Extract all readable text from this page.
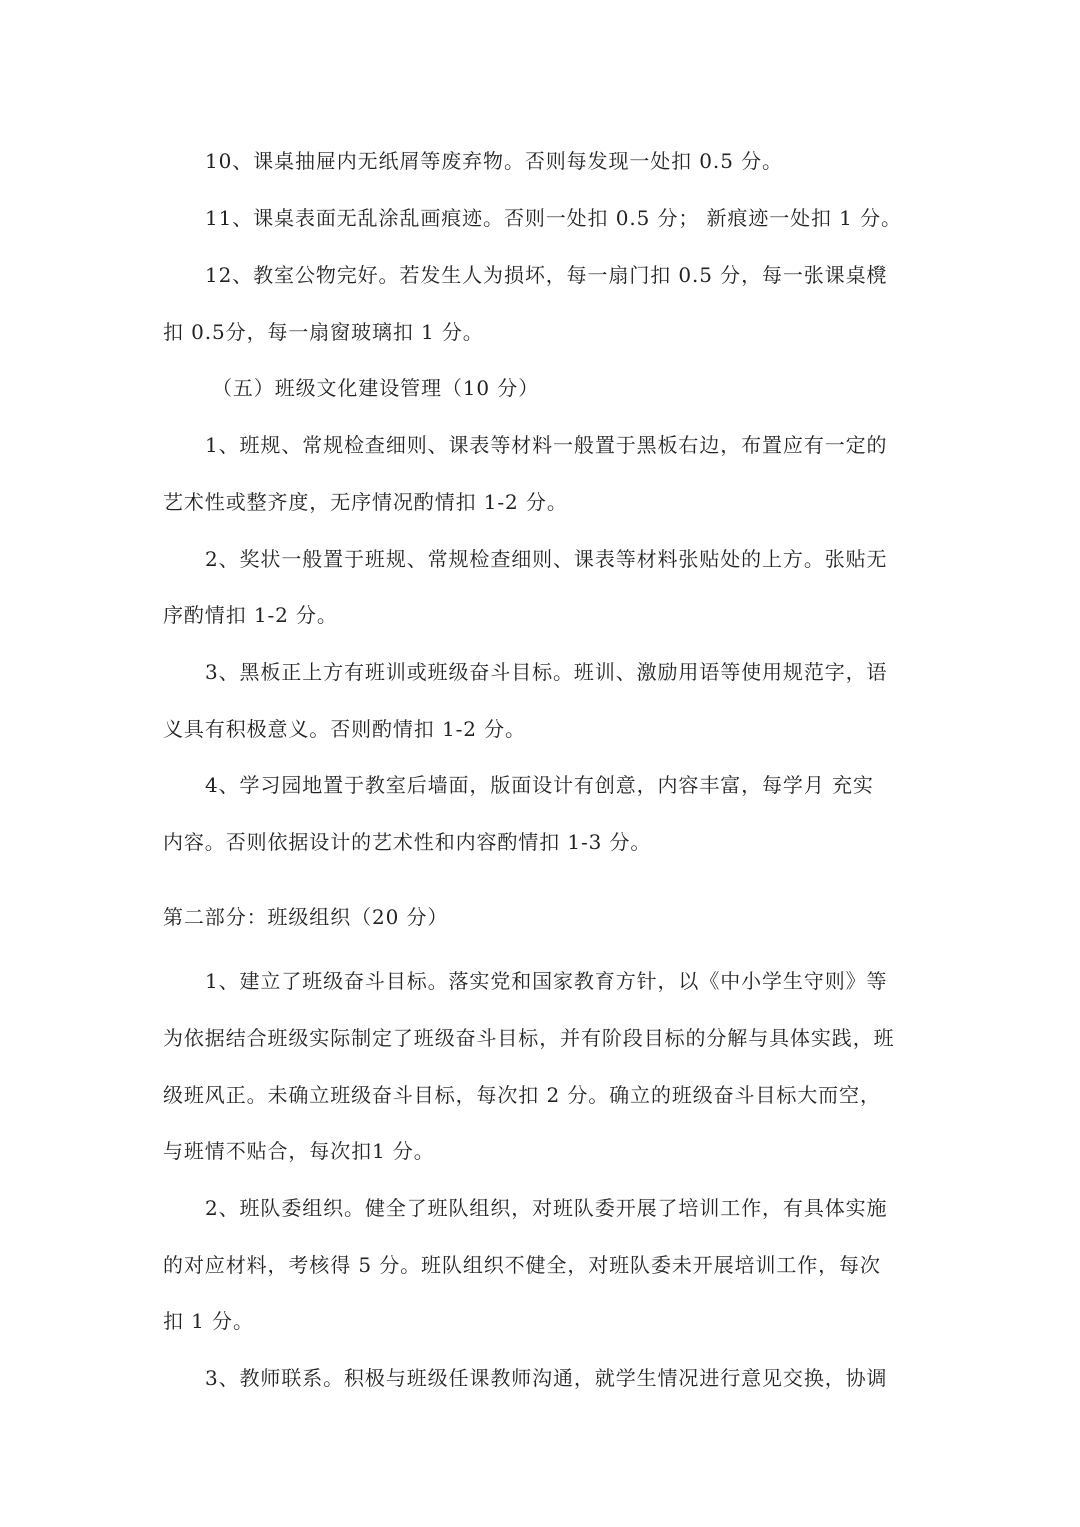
10、课桌抽屉内无纸屑等废弃物。否则每发现一处扣 0.5 分。
11、课桌表面无乱涂乱画痕迹。否则一处扣 0.5 分； 新痕迹一处扣 1 分。
12、教室公物完好。若发生人为损坏，每一扇门扣 0.5 分，每一张课桌櫈
扣 0.5分，每一扇窗玻璃扣 1 分。
（五）班级文化建设管理（10 分）
1、班规、常规检查细则、课表等材料一般置于黑板右边，布置应有一定的
艺术性或整齐度，无序情况酌情扣 1-2 分。
2、奖状一般置于班规、常规检查细则、课表等材料张贴处的上方。张贴无
序酌情扣 1-2 分。
3、黑板正上方有班训或班级奋斗目标。班训、激励用语等使用规范字，语
义具有积极意义。否则酌情扣 1-2 分。
4、学习园地置于教室后墙面，版面设计有创意，内容丰富，每学月 充实
内容。否则依据设计的艺术性和内容酌情扣 1-3 分。
第二部分：班级组织（20 分）
1、建立了班级奋斗目标。落实党和国家教育方针，以《中小学生守则》等
为依据结合班级实际制定了班级奋斗目标，并有阶段目标的分解与具体实践，班
级班风正。未确立班级奋斗目标，每次扣 2 分。确立的班级奋斗目标大而空，
与班情不贴合，每次扣1 分。
2、班队委组织。健全了班队组织，对班队委开展了培训工作，有具体实施
的对应材料，考核得 5 分。班队组织不健全，对班队委未开展培训工作，每次
扣 1 分。
3、教师联系。积极与班级任课教师沟通，就学生情况进行意见交换，协调
